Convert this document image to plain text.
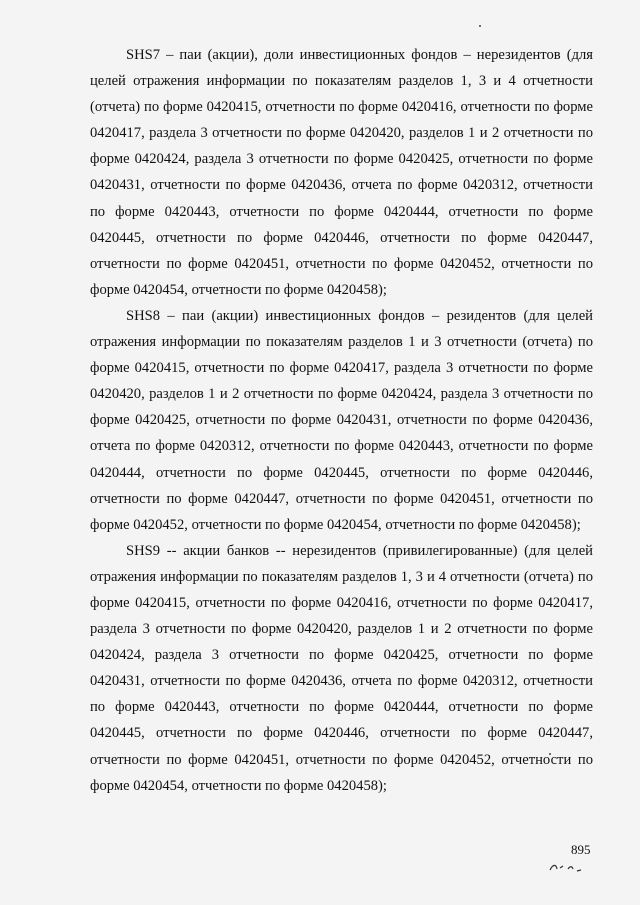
SHS7 – паи (акции), доли инвестиционных фондов – нерезидентов (для целей отражения информации по показателям разделов 1, 3 и 4 отчетности (отчета) по форме 0420415, отчетности по форме 0420416, отчетности по форме 0420417, раздела 3 отчетности по форме 0420420, разделов 1 и 2 отчетности по форме 0420424, раздела 3 отчетности по форме 0420425, отчетности по форме 0420431, отчетности по форме 0420436, отчета по форме 0420312, отчетности по форме 0420443, отчетности по форме 0420444, отчетности по форме 0420445, отчетности по форме 0420446, отчетности по форме 0420447, отчетности по форме 0420451, отчетности по форме 0420452, отчетности по форме 0420454, отчетности по форме 0420458);

SHS8 – паи (акции) инвестиционных фондов – резидентов (для целей отражения информации по показателям разделов 1 и 3 отчетности (отчета) по форме 0420415, отчетности по форме 0420417, раздела 3 отчетности по форме 0420420, разделов 1 и 2 отчетности по форме 0420424, раздела 3 отчетности по форме 0420425, отчетности по форме 0420431, отчетности по форме 0420436, отчета по форме 0420312, отчетности по форме 0420443, отчетности по форме 0420444, отчетности по форме 0420445, отчетности по форме 0420446, отчетности по форме 0420447, отчетности по форме 0420451, отчетности по форме 0420452, отчетности по форме 0420454, отчетности по форме 0420458);

SHS9 -- акции банков -- нерезидентов (привилегированные) (для целей отражения информации по показателям разделов 1, 3 и 4 отчетности (отчета) по форме 0420415, отчетности по форме 0420416, отчетности по форме 0420417, раздела 3 отчетности по форме 0420420, разделов 1 и 2 отчетности по форме 0420424, раздела 3 отчетности по форме 0420425, отчетности по форме 0420431, отчетности по форме 0420436, отчета по форме 0420312, отчетности по форме 0420443, отчетности по форме 0420444, отчетности по форме 0420445, отчетности по форме 0420446, отчетности по форме 0420447, отчетности по форме 0420451, отчетности по форме 0420452, отчетности по форме 0420454, отчетности по форме 0420458);

895
